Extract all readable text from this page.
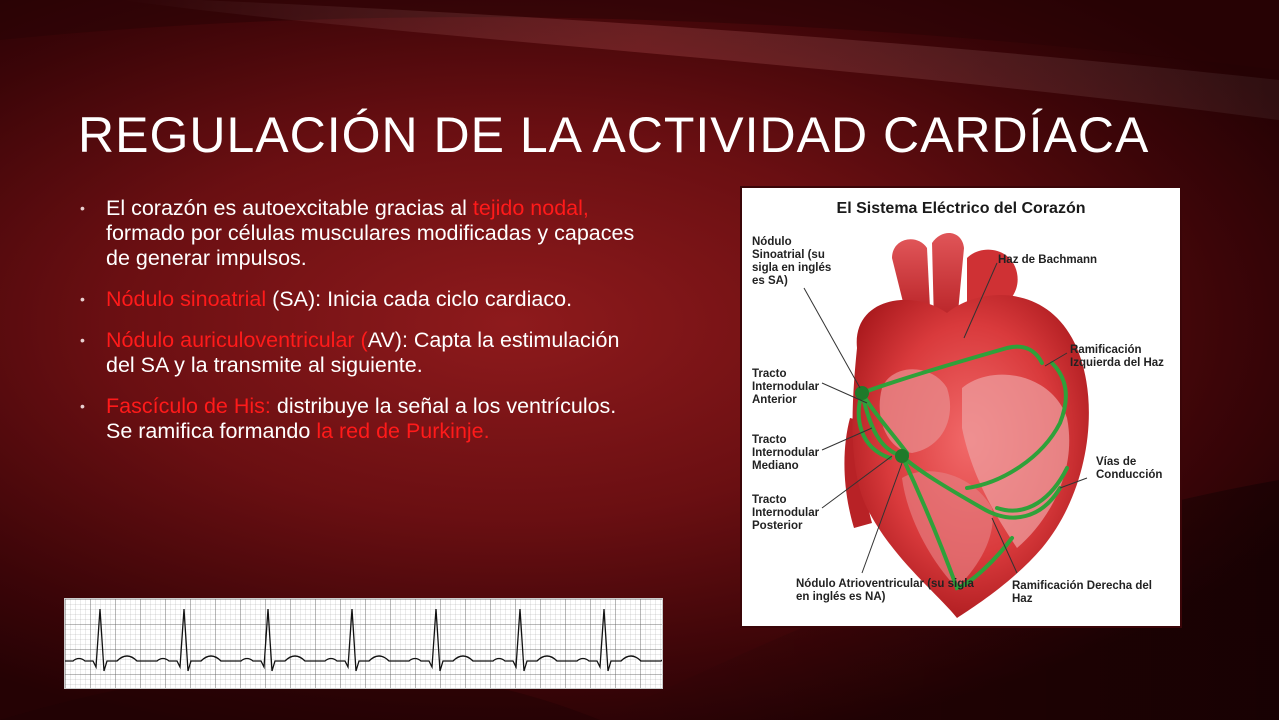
REGULACIÓN DE LA ACTIVIDAD CARDÍACA
• El corazón es autoexcitable gracias al tejido nodal, formado por células musculares modificadas y capaces de generar impulsos.
• Nódulo sinoatrial (SA): Inicia cada ciclo cardiaco.
• Nódulo auriculoventricular (AV): Capta la estimulación del SA y la transmite al siguiente.
• Fascículo de His: distribuye la señal a los ventrículos. Se ramifica formando la red de Purkinje.
El Sistema Eléctrico del Corazón
Nódulo Sinoatrial (su sigla en inglés es SA)
Haz de Bachmann
Ramificación Izquierda del Haz
Tracto Internodular Anterior
Tracto Internodular Mediano
Tracto Internodular Posterior
Vías de Conducción
Nódulo Atrioventricular (su sigla en inglés es NA)
Ramificación Derecha del Haz
